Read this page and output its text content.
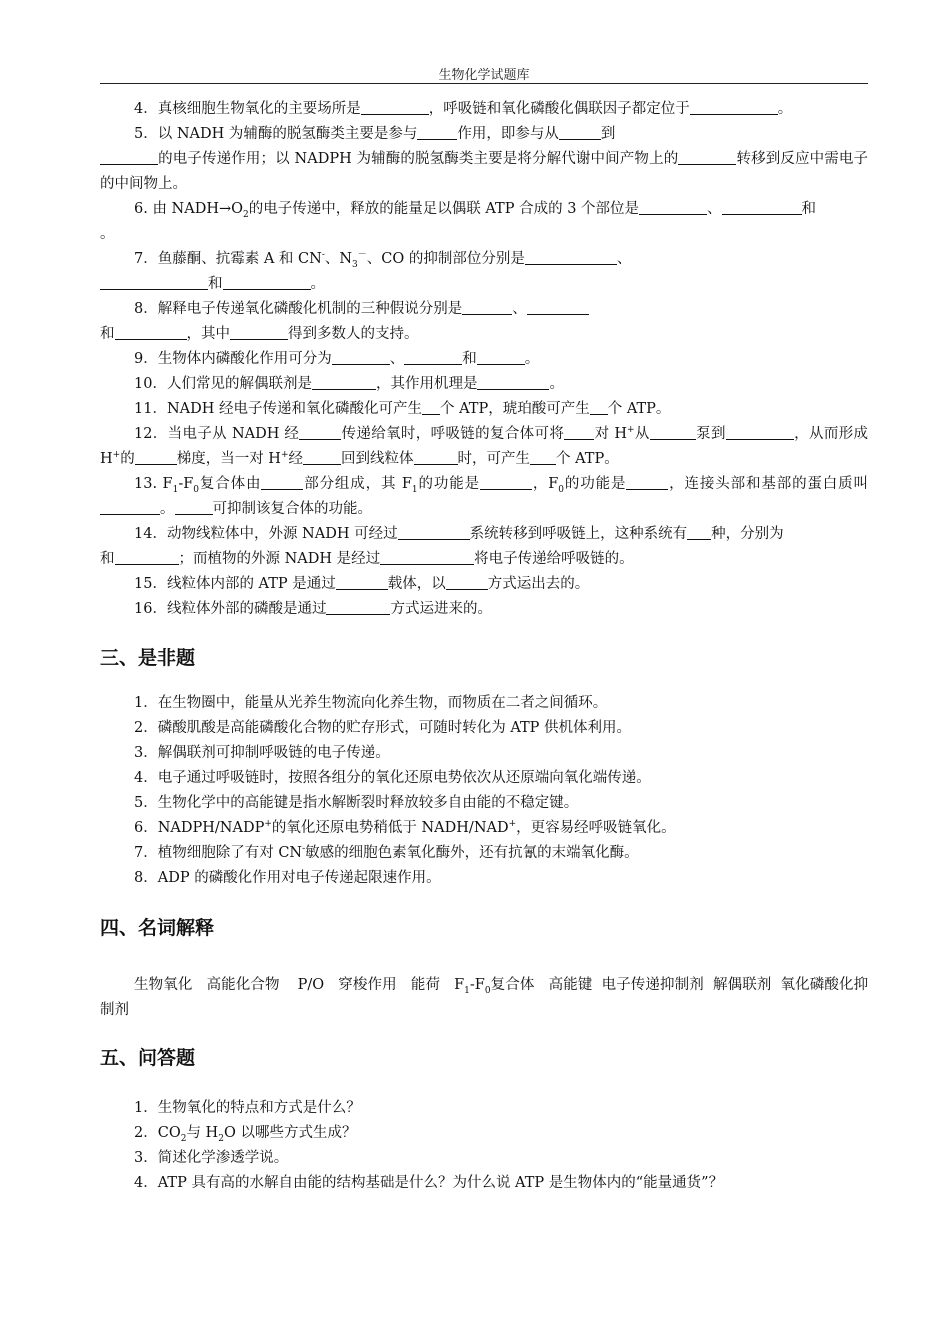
生物化学试题库

4．真核细胞生物氧化的主要场所是	，呼吸链和氧化磷酸化偶联因子都定位于	。

5．以 NADH 为辅酶的脱氢酶类主要是参与	作用，即参与从	到

的电子传递作用；以 NADPH 为辅酶的脱氢酶类主要是将分解代谢中间产物上的	转移到反应中需电子的中间物上。

6. 由 $NADH\to O_2$的电子传递中，释放的能量足以偶联 ATP 合成的 3 个部位是	、	和
。

7．鱼藤酮、抗霉素 A 和 CN-、$N_3^-$、CO 的抑制部位分别是	、

和	。

8．解释电子传递氧化磷酸化机制的三种假说分别是	、

和	，其中	得到多数人的支持。

9．生物体内磷酸化作用可分为	、	和	。

10．人们常见的解偶联剂是	，其作用机理是	。

11．NADH 经电子传递和氧化磷酸化可产生 个 ATP，琥珀酸可产生 个 ATP。

12．当电子从 NADH 经	传递给氧时，呼吸链的复合体可将 对 H+从	泵到	，从而形成 H+的	梯度，当一对 H+经	回到线粒体	时，可产生 个 ATP。

13. $F_1-F_0$复合体由	部分组成，其 $F_1$的功能是	，$F_0$的功能是	，连接头部和基部的蛋白质叫。	可抑制该复合体的功能。

14．动物线粒体中，外源 NADH 可经过	系统转移到呼吸链上，这种系统有 种，分别为
和	；而植物的外源 NADH 是经过	将电子传递给呼吸链的。

15．线粒体内部的 ATP 是通过	载体，以	方式运出去的。

16．线粒体外部的磷酸是通过	方式运进来的。

三、是非题

1．在生物圈中，能量从光养生物流向化养生物，而物质在二者之间循环。

2．磷酸肌酸是高能磷酸化合物的贮存形式，可随时转化为 ATP 供机体利用。

3．解偶联剂可抑制呼吸链的电子传递。

4．电子通过呼吸链时，按照各组分的氧化还原电势依次从还原端向氧化端传递。

5．生物化学中的高能键是指水解断裂时释放较多自由能的不稳定键。

6．NADPH/NADP+的氧化还原电势稍低于 NADH/NAD+，更容易经呼吸链氧化。

7．植物细胞除了有对 CN-敏感的细胞色素氧化酶外，还有抗氰的末端氧化酶。

8．ADP 的磷酸化作用对电子传递起限速作用。

四、名词解释

生物氧化 高能化合物 P/O 穿梭作用 能荷 $F_1-F_0$复合体 高能键 电子传递抑制剂 解偶联剂 氧化磷酸化抑制剂

五、问答题

1．生物氧化的特点和方式是什么？

2．$CO_2$与 $H_2O$ 以哪些方式生成？

3．简述化学渗透学说。

4．ATP 具有高的水解自由能的结构基础是什么？为什么说 ATP 是生物体内的“能量通货”？
